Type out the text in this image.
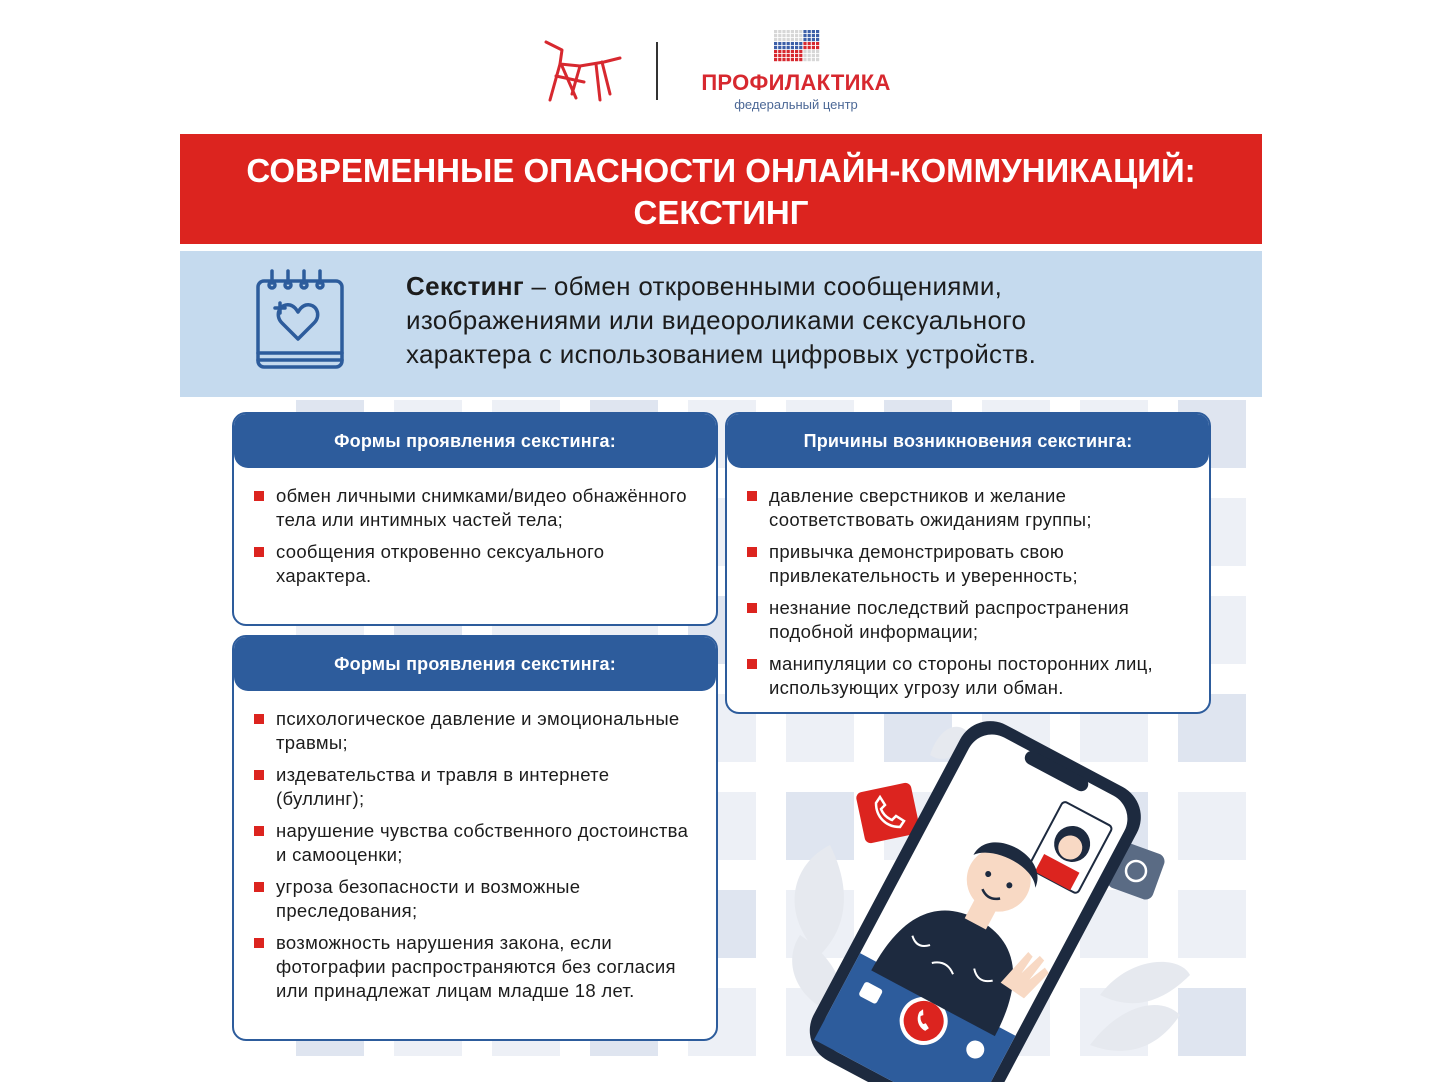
ПРОФИЛАКТИКА
федеральный центр
СОВРЕМЕННЫЕ ОПАСНОСТИ ОНЛАЙН-КОММУНИКАЦИЙ:
СЕКСТИНГ
Секстинг – обмен откровенными сообщениями,
изображениями или видеороликами сексуального
характера с использованием цифровых устройств.
Формы проявления секстинга:
обмен личными снимками/видео обнажённого тела или интимных частей тела;
сообщения откровенно сексуального характера.
Формы проявления секстинга:
психологическое давление и эмоциональные травмы;
издевательства и травля в интернете (буллинг);
нарушение чувства собственного достоинства и самооценки;
угроза безопасности и возможные преследования;
возможность нарушения закона, если фотографии распространяются без согласия или принадлежат лицам младше 18 лет.
Причины возникновения секстинга:
давление сверстников и желание соответствовать ожиданиям группы;
привычка демонстрировать свою привлекательность и уверенность;
незнание последствий распространения подобной информации;
манипуляции со стороны посторонних лиц, использующих угрозу или обман.
